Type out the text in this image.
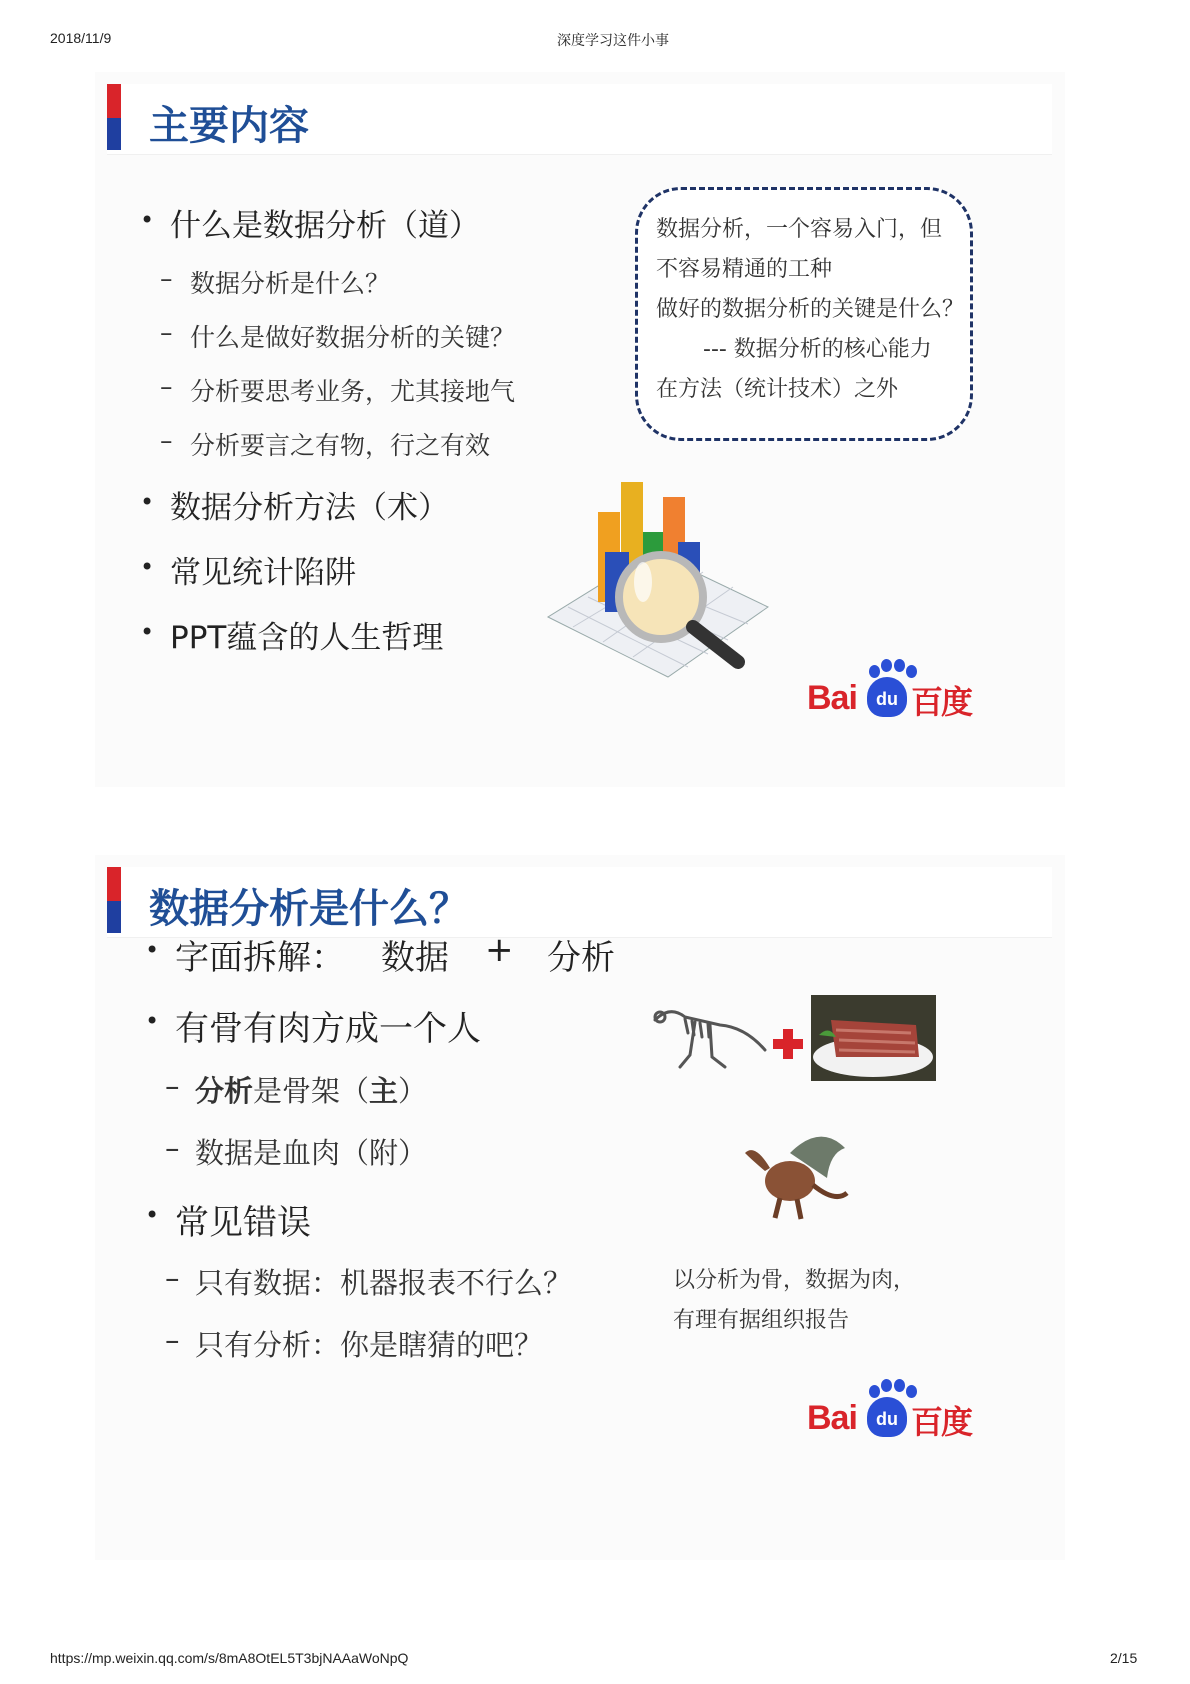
2018/11/9	深度学习这件小事
主要内容
• 什么是数据分析（道）
– 数据分析是什么？
– 什么是做好数据分析的关键？
– 分析要思考业务，尤其接地气
– 分析要言之有物，行之有效
• 数据分析方法（术）
• 常见统计陷阱
• PPT蕴含的人生哲理
数据分析，一个容易入门，但
不容易精通的工种
做好的数据分析的关键是什么？
--- 数据分析的核心能力
在方法（统计技术）之外
Bai	du 百度
数据分析是什么？
• 字面拆解： 数据 + 分析
• 有骨有肉方成一个人
– 分析是骨架（主）
– 数据是血肉（附）
• 常见错误
– 只有数据：机器报表不行么？
– 只有分析：你是瞎猜的吧？
以分析为骨，数据为肉，
有理有据组织报告
Bai	du 百度
https://mp.weixin.qq.com/s/8mA8OtEL5T3bjNAAaWoNpQ	2/15
